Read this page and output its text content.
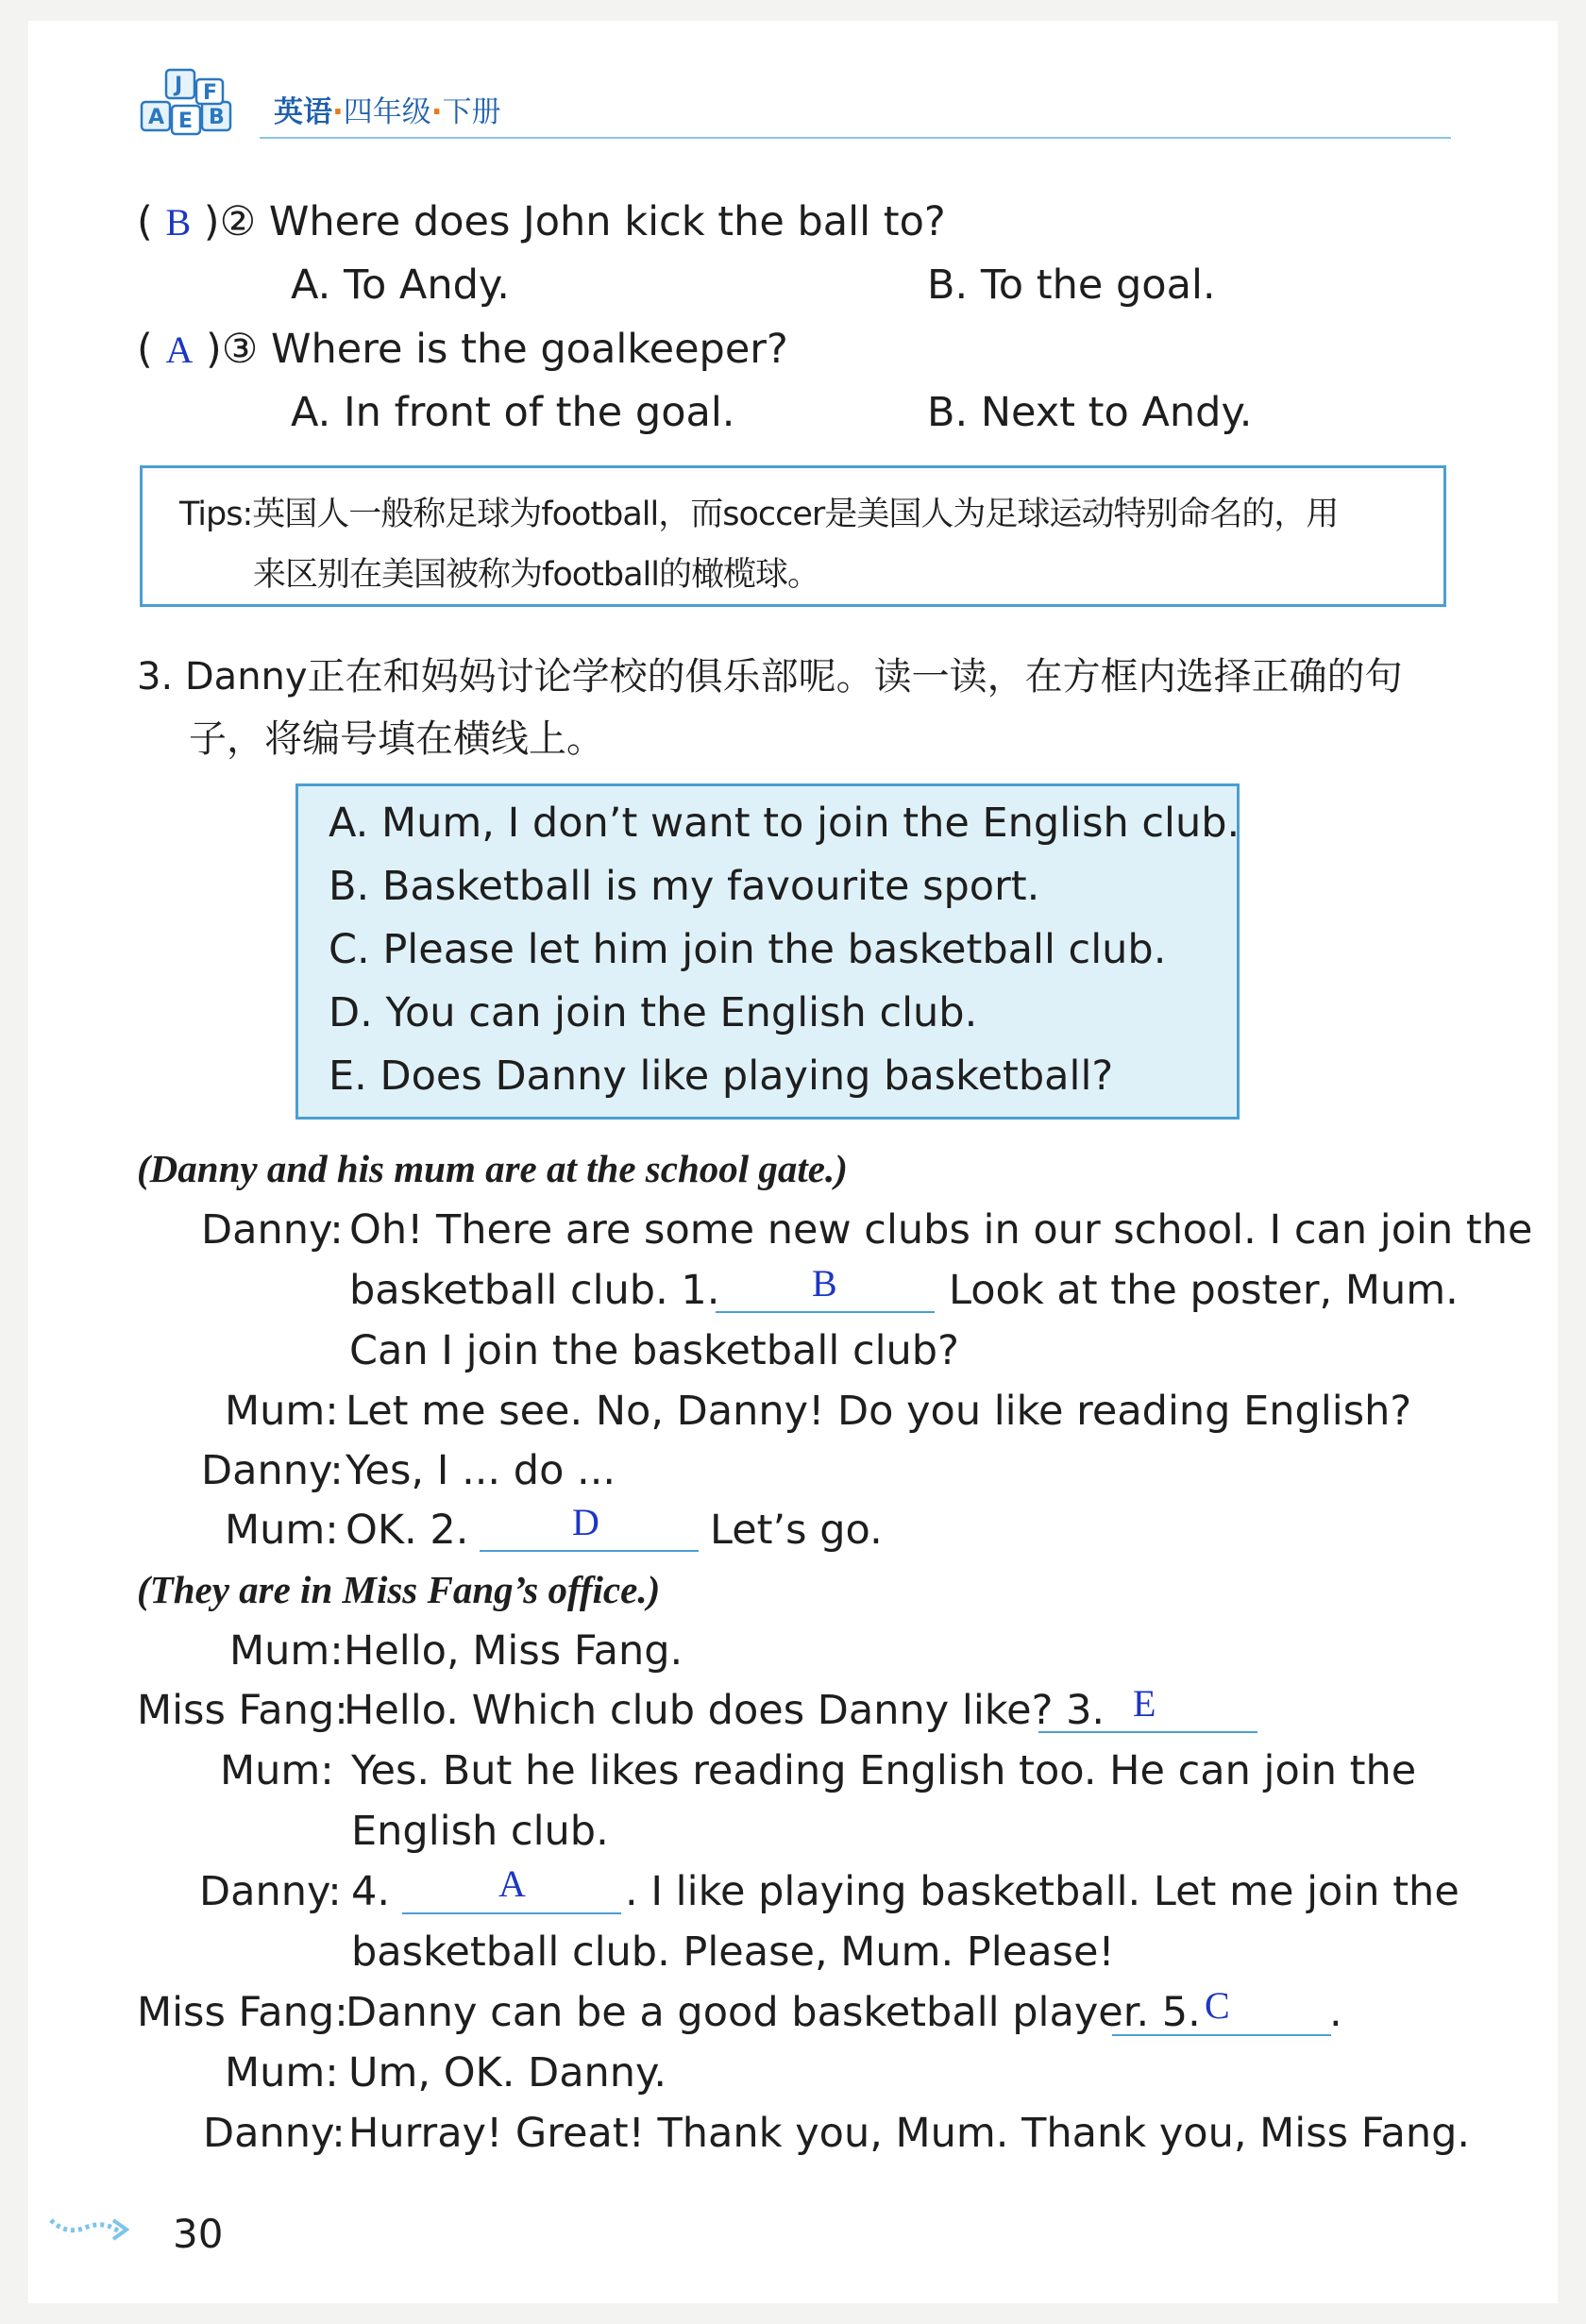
J
A E B
F
英语·四年级·下册
( B )② Where does John kick the ball to?
A. To Andy.	B. To the goal.
( A )③ Where is the goalkeeper?
A. In front of the goal.	B. Next to Andy.
Tips:英国人一般称足球为football，而soccer是美国人为足球运动特别命名的，用
来区别在美国被称为football的橄榄球。
3. Danny正在和妈妈讨论学校的俱乐部呢。读一读，在方框内选择正确的句
子，将编号填在横线上。
A. Mum, I don’t want to join the English club.
B. Basketball is my favourite sport.
C. Please let him join the basketball club.
D. You can join the English club.
E. Does Danny like playing basketball?
(Danny and his mum are at the school gate.)
Danny: Oh! There are some new clubs in our school. I can join the
basketball club. 1. B	Look at the poster, Mum.
Can I join the basketball club?
Mum: Let me see. No, Danny! Do you like reading English?
Danny: Yes, I ... do ...
Mum: OK. 2.	D	Let’s go.
(They are in Miss Fang’s office.)
Mum: Hello, Miss Fang.
Miss Fang:
Hello. Which club does Danny like? 3. E
Mum: Yes. But he likes reading English too. He can join the
English club.
Danny: 4.	A . I like playing basketball. Let me join the
basketball club. Please, Mum. Please!
Miss Fang:
Danny can be a good basketball player. 5. C .
Mum: Um, OK. Danny.
Danny: Hurray! Great! Thank you, Mum. Thank you, Miss Fang.
30
